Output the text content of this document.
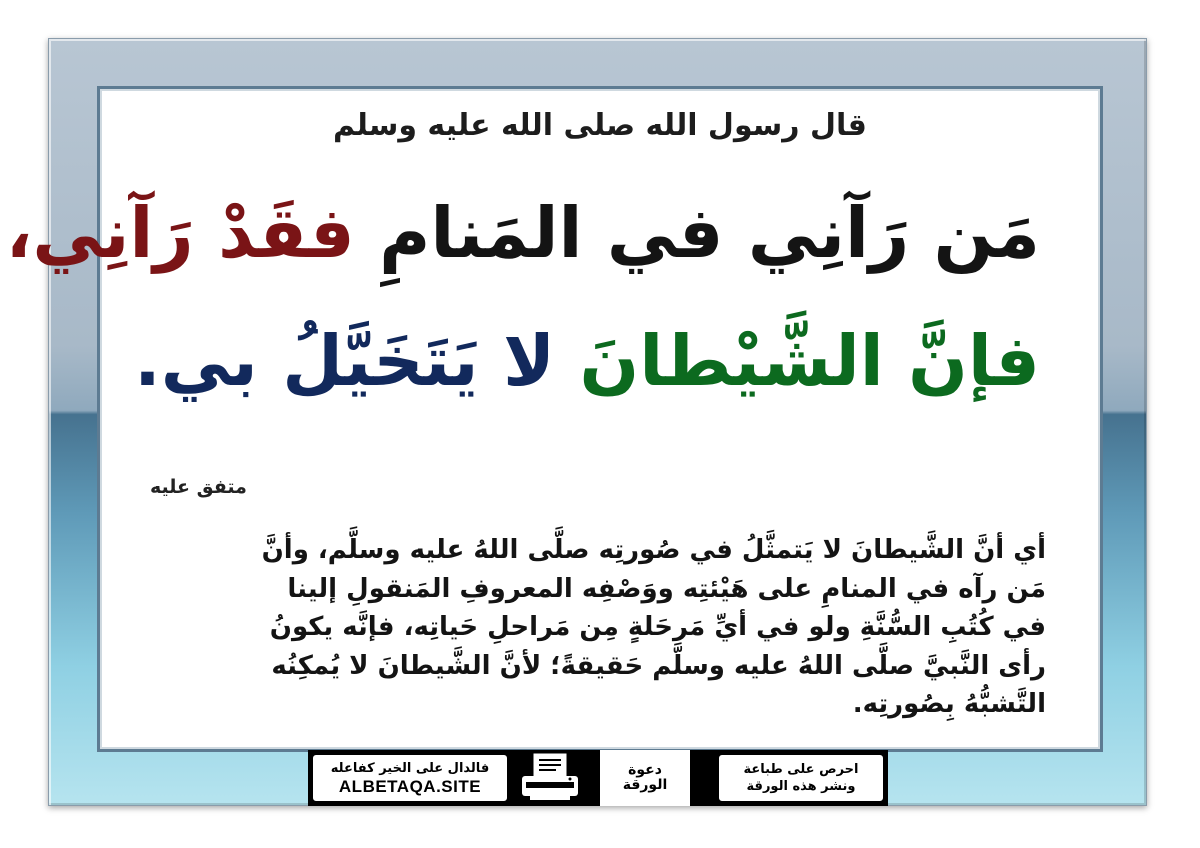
قال رسول الله صلى الله عليه وسلم
مَن رَآنِي في المَنامِ فقَدْ رَآنِي،
فإنَّ الشَّيْطانَ لا يَتَخَيَّلُ بي.
متفق عليه
أي أنَّ الشَّيطانَ لا يَتمثَّلُ في صُورتِه صلَّى اللهُ عليه وسلَّم، وأنَّ
مَن رآه في المنامِ على هَيْئتِه ووَصْفِه المعروفِ المَنقولِ إلينا
في كُتُبِ السُّنَّةِ ولو في أيِّ مَرحَلةٍ مِن مَراحلِ حَياتِه، فإنَّه يكونُ
رأى النَّبيَّ صلَّى اللهُ عليه وسلَّم حَقيقةً؛ لأنَّ الشَّيطانَ لا يُمكِنُه
التَّشبُّهُ بِصُورتِه.
فالدال على الخير كفاعله
ALBETAQA.SITE
دعوة
الورقة
احرص على طباعة
ونشر هذه الورقة
